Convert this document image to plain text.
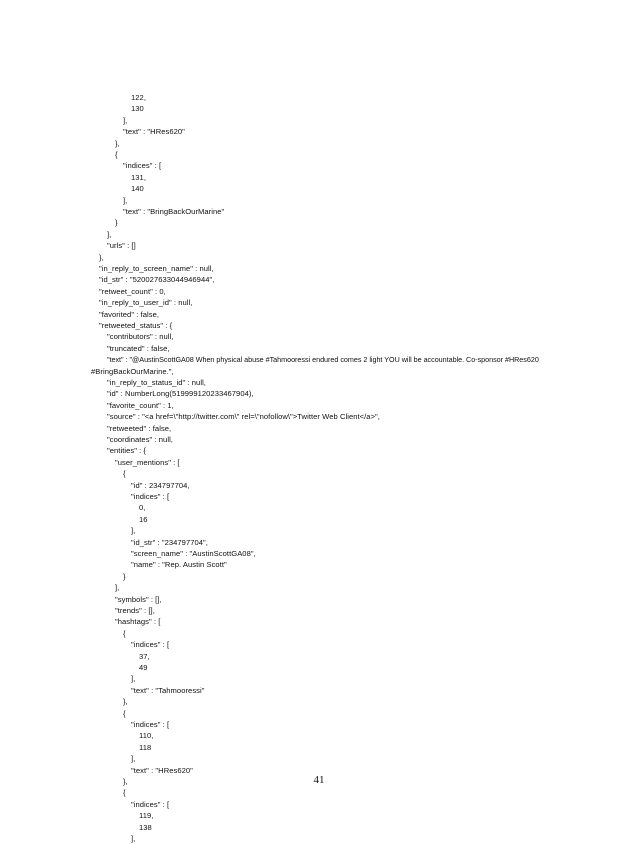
122,
130
],
"text" : "HRes620"
},
{
"indices" : [
131,
140
],
"text" : "BringBackOurMarine"
}
],
"urls" : []
},
"in_reply_to_screen_name" : null,
"id_str" : "520027633044946944",
"retweet_count" : 0,
"in_reply_to_user_id" : null,
"favorited" : false,
"retweeted_status" : {
"contributors" : null,
"truncated" : false,
"text" : "@AustinScottGA08 When physical abuse #Tahmooressi endured comes 2 light YOU will be accountable. Co-sponsor #HRes620
#BringBackOurMarine.",
"in_reply_to_status_id" : null,
"id" : NumberLong(519999120233467904),
"favorite_count" : 1,
"source" : "<a href=\"http://twitter.com\" rel=\"nofollow\">Twitter Web Client</a>",
"retweeted" : false,
"coordinates" : null,
"entities" : {
"user_mentions" : [
{
"id" : 234797704,
"indices" : [
0,
16
],
"id_str" : "234797704",
"screen_name" : "AustinScottGA08",
"name" : "Rep. Austin Scott"
}
],
"symbols" : [],
"trends" : [],
"hashtags" : [
{
"indices" : [
37,
49
],
"text" : "Tahmooressi"
},
{
"indices" : [
110,
118
],
"text" : "HRes620"
},
{
"indices" : [
119,
138
],
41
